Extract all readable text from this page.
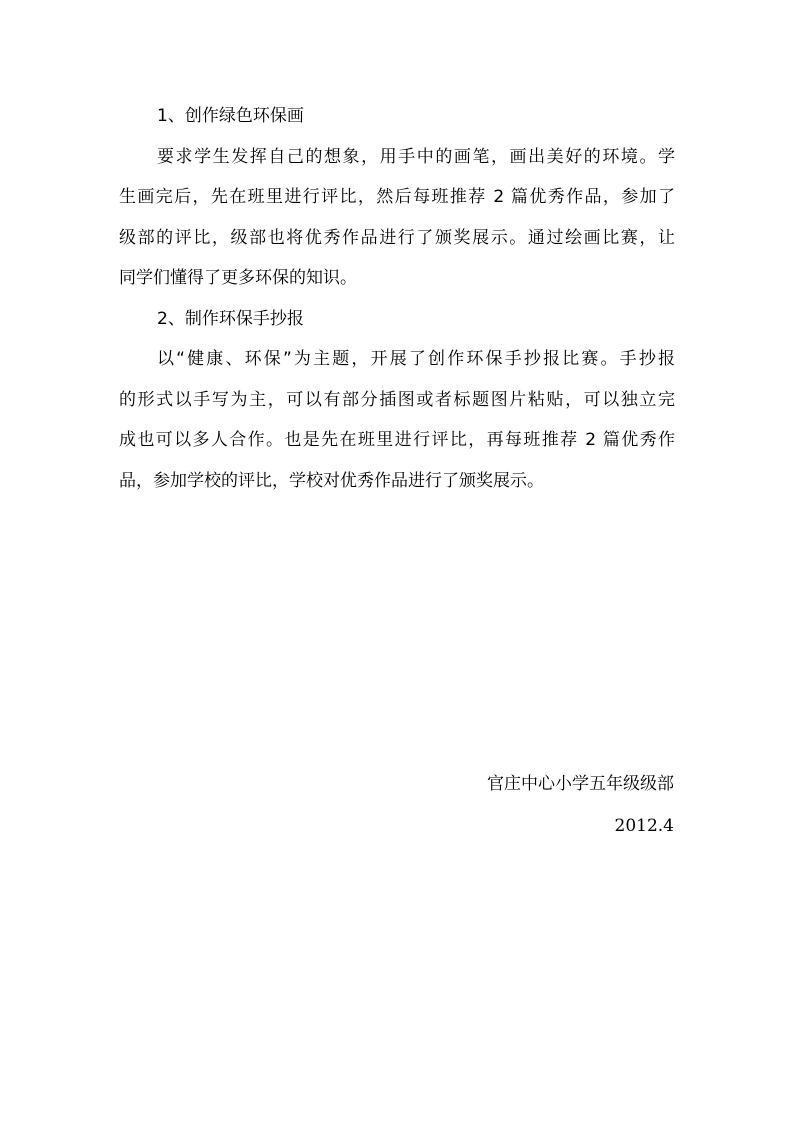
1、创作绿色环保画
要求学生发挥自己的想象，用手中的画笔，画出美好的环境。学
生画完后，先在班里进行评比，然后每班推荐 2 篇优秀作品，参加了
级部的评比，级部也将优秀作品进行了颁奖展示。通过绘画比赛，让
同学们懂得了更多环保的知识。
2、制作环保手抄报
以“健康、环保”为主题，开展了创作环保手抄报比赛。手抄报
的形式以手写为主，可以有部分插图或者标题图片粘贴，可以独立完
成也可以多人合作。也是先在班里进行评比，再每班推荐 2 篇优秀作
品，参加学校的评比，学校对优秀作品进行了颁奖展示。
官庄中心小学五年级级部
2012.4
